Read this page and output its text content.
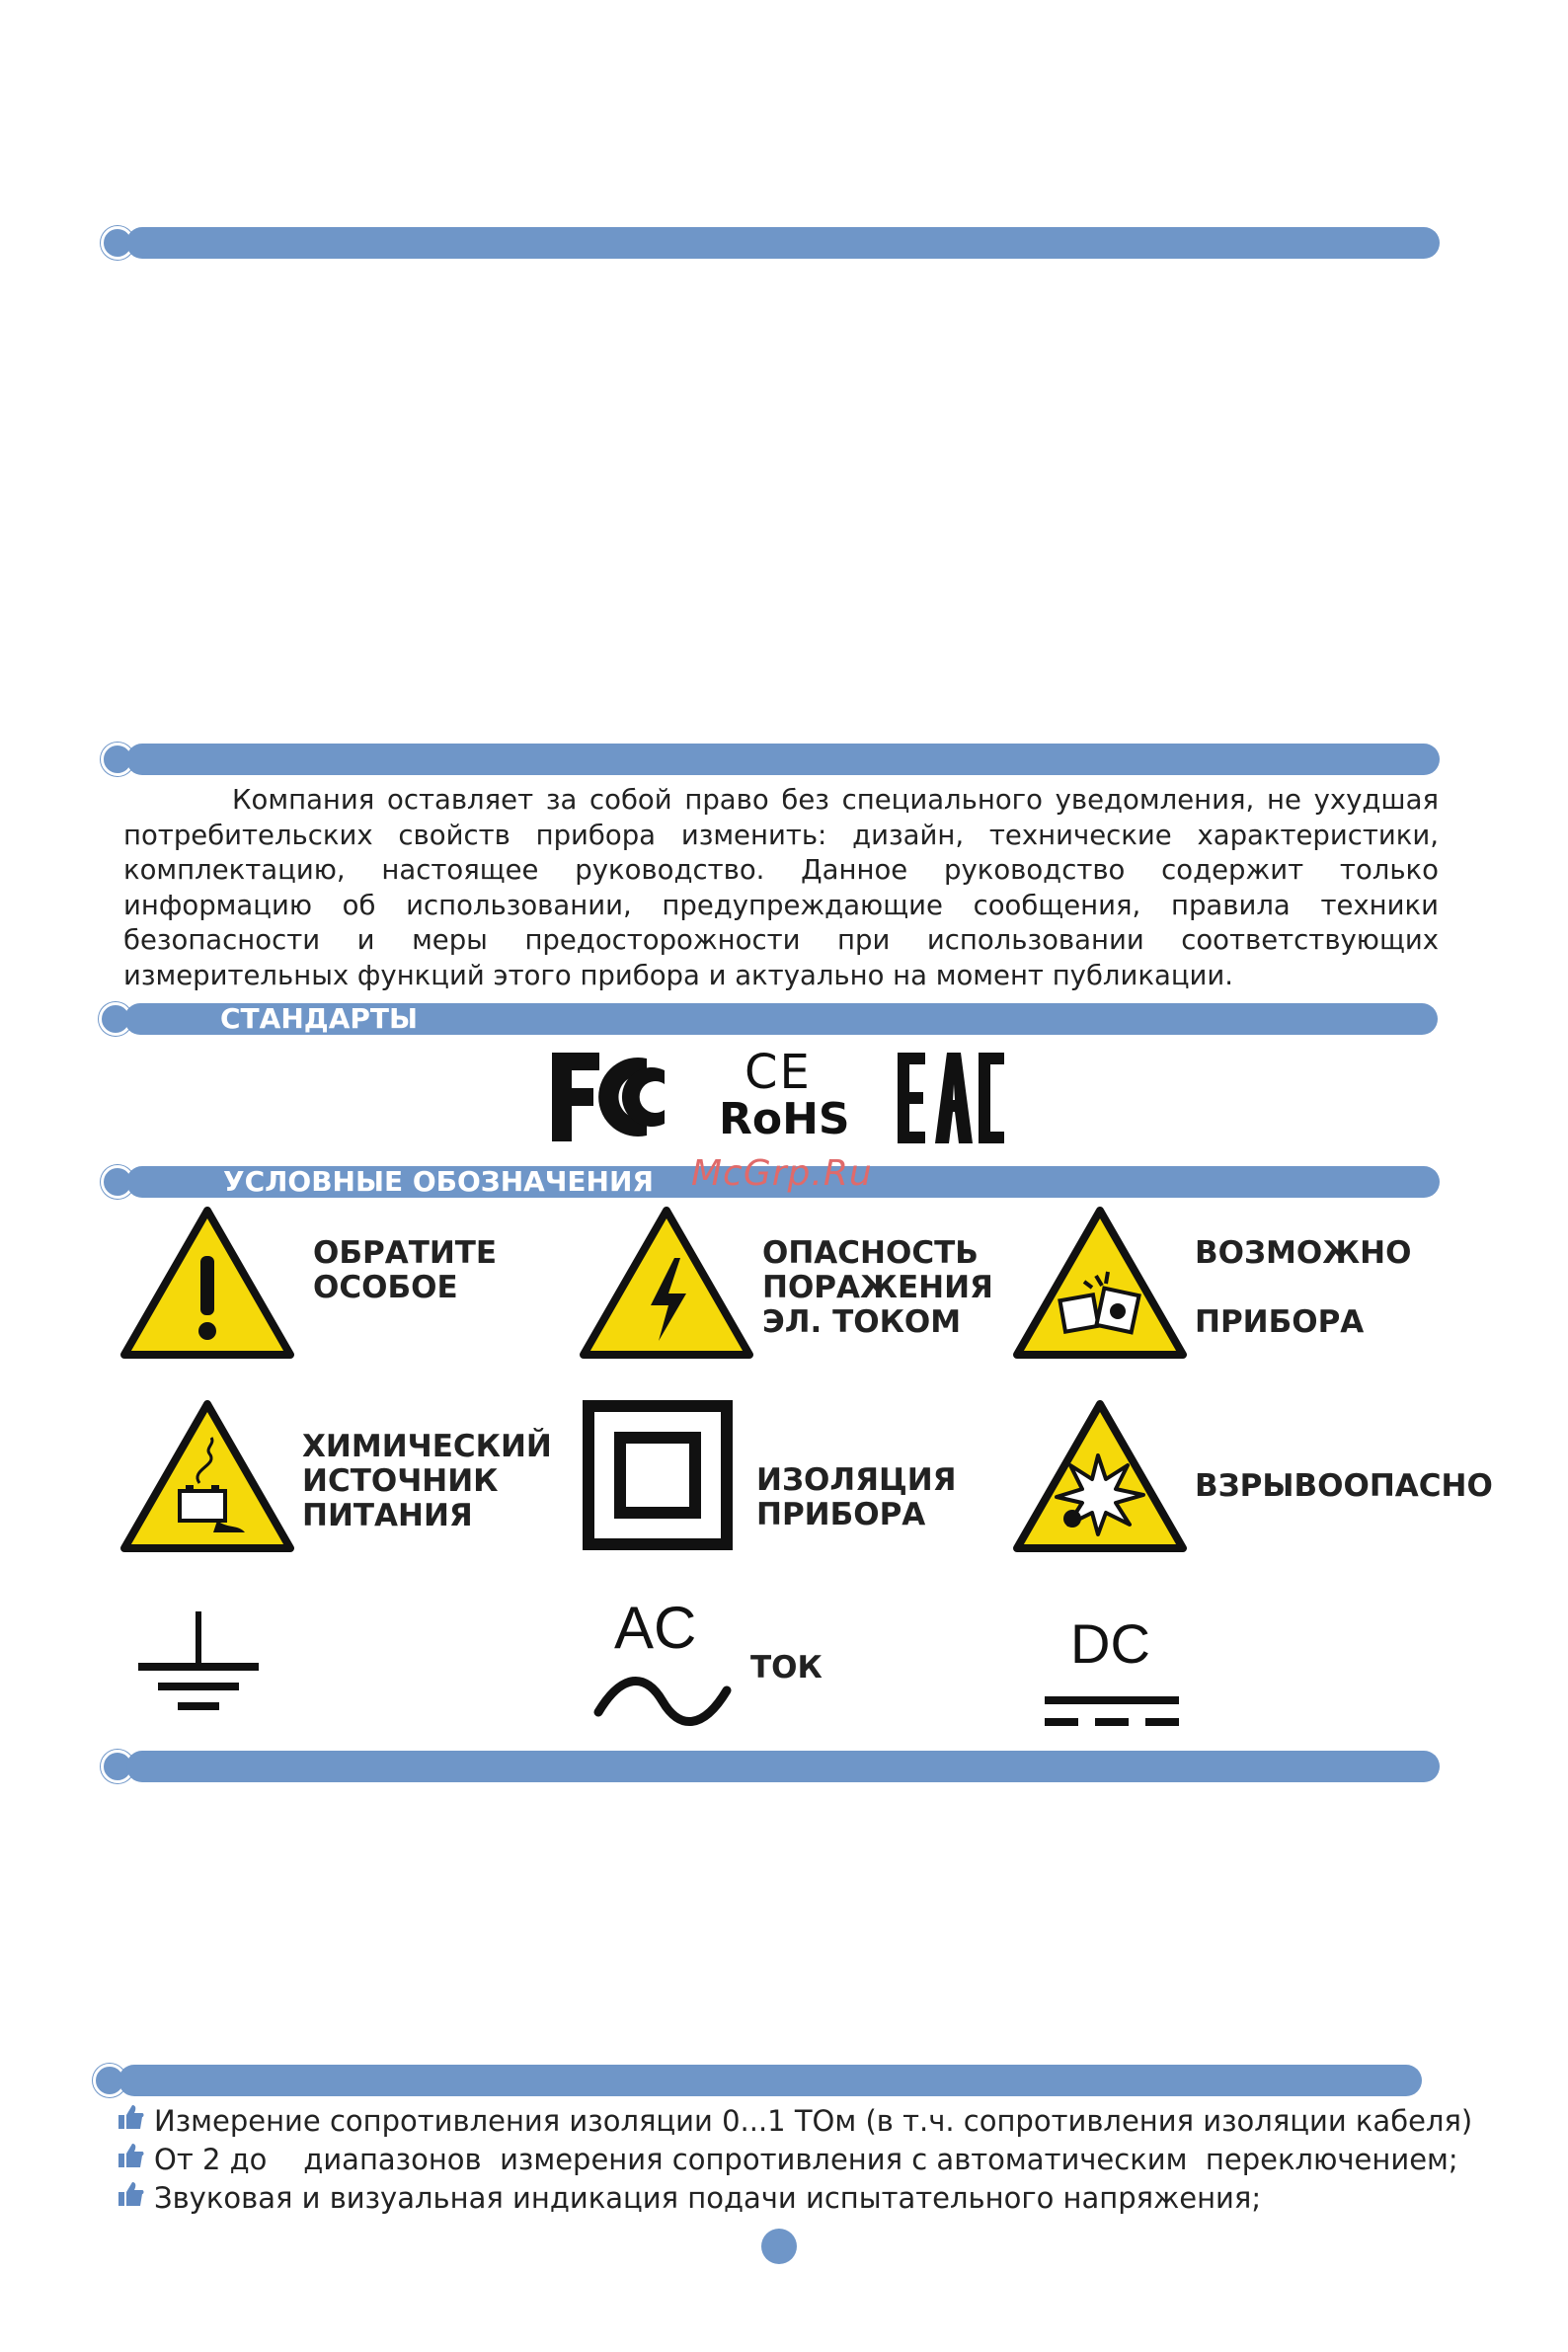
Компания оставляет за собой право без специального уведомления, не ухудшая потребительских свойств прибора изменить: дизайн, технические характеристики, комплектацию, настоящее руководство. Данное руководство содержит только информацию об использовании, предупреждающие сообщения, правила техники безопасности и меры предосторожности при использовании соответствующих измерительных функций этого прибора и актуально на момент публикации.
СТАНДАРТЫ
CE
RoHS
УСЛОВНЫЕ ОБОЗНАЧЕНИЯ McGrp.Ru
ОБРАТИТЕ
ОСОБОЕ
ОПАСНОСТЬ
ПОРАЖЕНИЯ
ЭЛ. ТОКОМ
ВОЗМОЖНО
ПРИБОРА
ХИМИЧЕСКИЙ
ИСТОЧНИК
ПИТАНИЯ
ИЗОЛЯЦИЯ
ПРИБОРА
ВЗРЫВООПАСНО
AC
ТОК	DC
Измерение сопротивления изоляции 0...1 ТОм (в т.ч. сопротивления изоляции кабеля)
От 2 до    диапазонов  измерения сопротивления с автоматическим  переключением;
Звуковая и визуальная индикация подачи испытательного напряжения;
